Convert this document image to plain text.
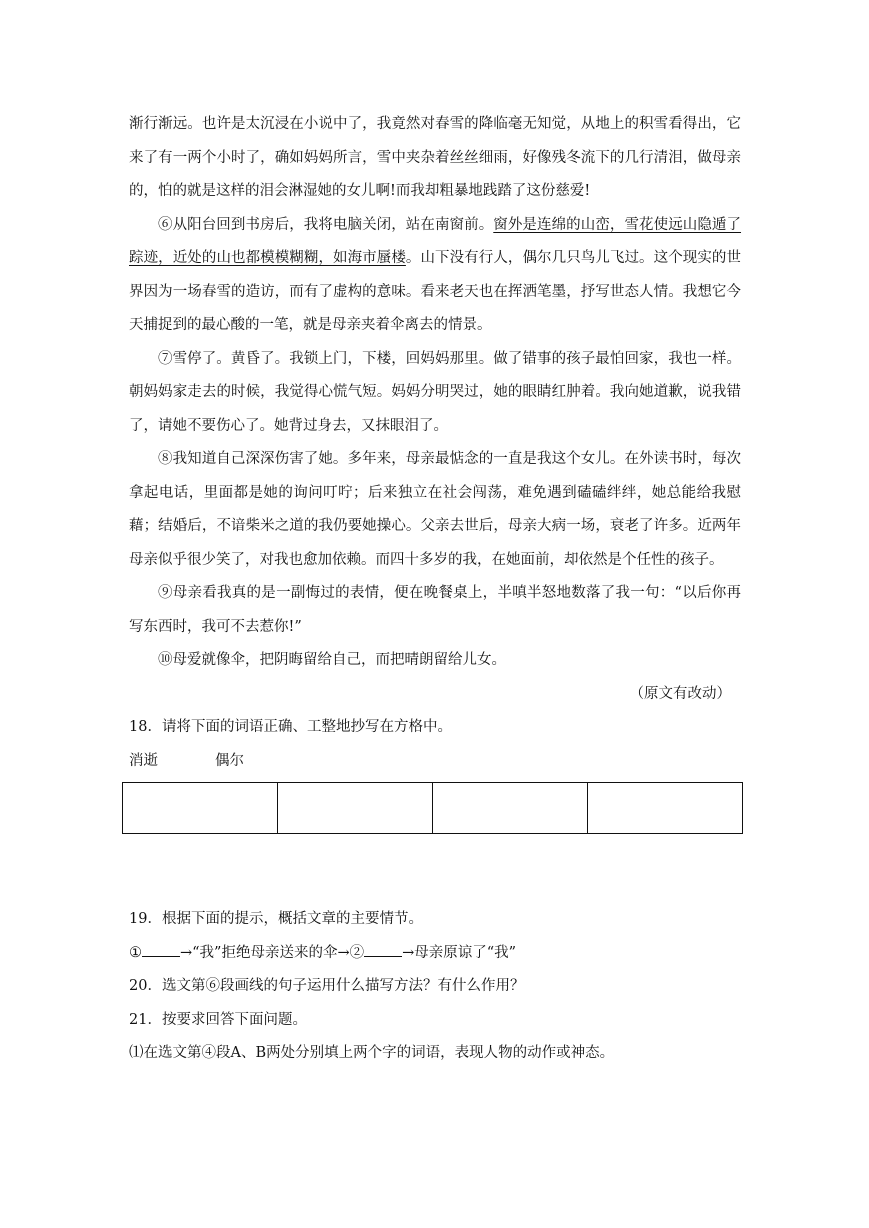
渐行渐远。也许是太沉浸在小说中了，我竟然对春雪的降临毫无知觉，从地上的积雪看得出，它来了有一两个小时了，确如妈妈所言，雪中夹杂着丝丝细雨，好像残冬流下的几行清泪，做母亲的，怕的就是这样的泪会淋湿她的女儿啊!而我却粗暴地践踏了这份慈爱!

⑥从阳台回到书房后，我将电脑关闭，站在南窗前。窗外是连绵的山峦，雪花使远山隐遁了踪迹，近处的山也都模模糊糊，如海市蜃楼。山下没有行人，偶尔几只鸟儿飞过。这个现实的世界因为一场春雪的造访，而有了虚构的意味。看来老天也在挥洒笔墨，抒写世态人情。我想它今天捕捉到的最心酸的一笔，就是母亲夹着伞离去的情景。

⑦雪停了。黄昏了。我锁上门，下楼，回妈妈那里。做了错事的孩子最怕回家，我也一样。朝妈妈家走去的时候，我觉得心慌气短。妈妈分明哭过，她的眼睛红肿着。我向她道歉，说我错了，请她不要伤心了。她背过身去，又抹眼泪了。

⑧我知道自己深深伤害了她。多年来，母亲最惦念的一直是我这个女儿。在外读书时，每次拿起电话，里面都是她的询问叮咛；后来独立在社会闯荡，难免遇到磕磕绊绊，她总能给我慰藉；结婚后，不谙柴米之道的我仍要她操心。父亲去世后，母亲大病一场，衰老了许多。近两年母亲似乎很少笑了，对我也愈加依赖。而四十多岁的我，在她面前，却依然是个任性的孩子。

⑨母亲看我真的是一副悔过的表情，便在晚餐桌上，半嗔半怒地数落了我一句：“以后你再写东西时，我可不去惹你!”

⑩母爱就像伞，把阴晦留给自己，而把晴朗留给儿女。

（原文有改动）

18．请将下面的词语正确、工整地抄写在方格中。

消逝	偶尔

19．根据下面的提示，概括文章的主要情节。

①	→“我”拒绝母亲送来的伞→②	→母亲原谅了“我”

20．选文第⑥段画线的句子运用什么描写方法？有什么作用？

21．按要求回答下面问题。

⑴在选文第④段A、B两处分别填上两个字的词语，表现人物的动作或神态。
